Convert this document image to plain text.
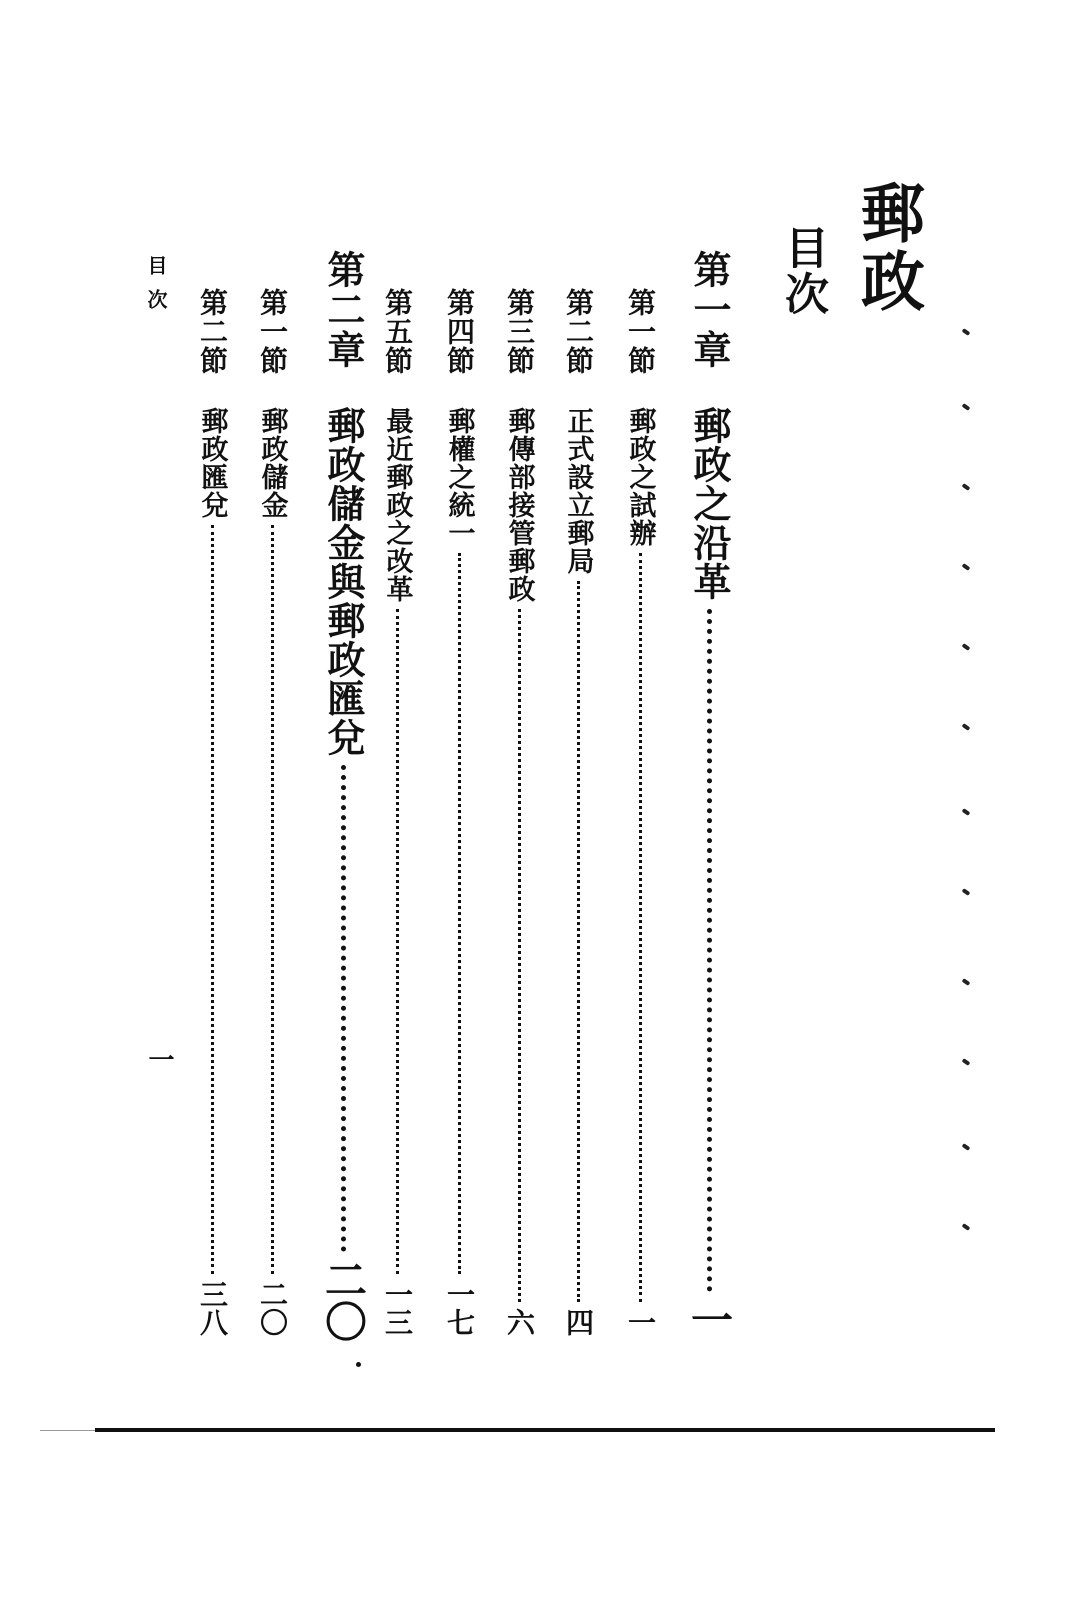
郵政
目次
第一章
郵政之沿革
一
第一節
郵政之試辦
一
第二節
正式設立郵局
四
第三節
郵傳部接管郵政
六
第四節
郵權之統一
一七
第五節
最近郵政之改革
一三
第二章
郵政儲金與郵政匯兌
二〇
第一節
郵政儲金
二〇
第二節
郵政匯兌
三八
目次
一
